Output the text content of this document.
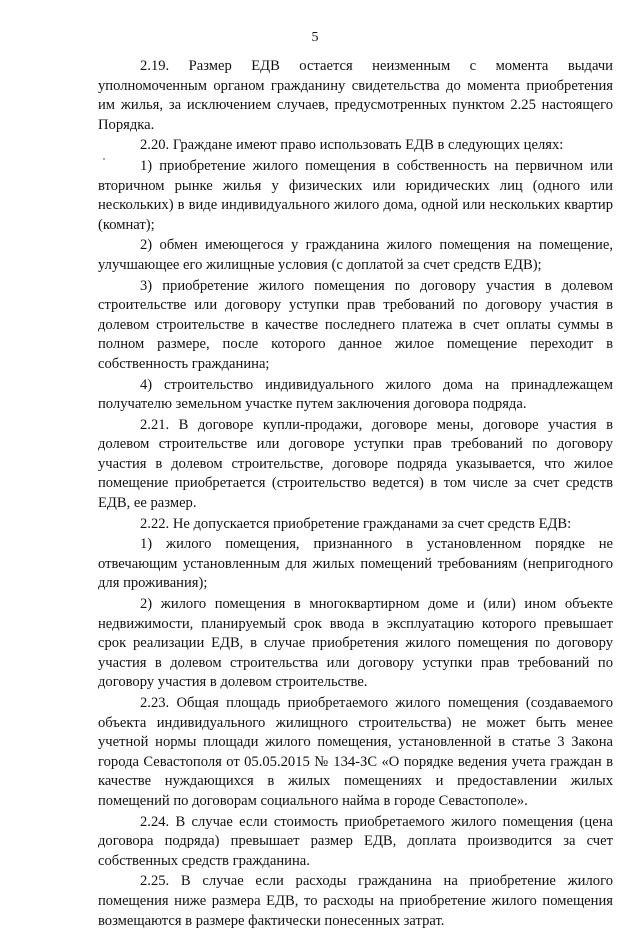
5

2.19. Размер ЕДВ остается неизменным с момента выдачи уполномоченным органом гражданину свидетельства до момента приобретения им жилья, за исключением случаев, предусмотренных пунктом 2.25 настоящего Порядка.

2.20. Граждане имеют право использовать ЕДВ в следующих целях:

1) приобретение жилого помещения в собственность на первичном или вторичном рынке жилья у физических или юридических лиц (одного или нескольких) в виде индивидуального жилого дома, одной или нескольких квартир (комнат);

2) обмен имеющегося у гражданина жилого помещения на помещение, улучшающее его жилищные условия (с доплатой за счет средств ЕДВ);

3) приобретение жилого помещения по договору участия в долевом строительстве или договору уступки прав требований по договору участия в долевом строительстве в качестве последнего платежа в счет оплаты суммы в полном размере, после которого данное жилое помещение переходит в собственность гражданина;

4) строительство индивидуального жилого дома на принадлежащем получателю земельном участке путем заключения договора подряда.

2.21. В договоре купли-продажи, договоре мены, договоре участия в долевом строительстве или договоре уступки прав требований по договору участия в долевом строительстве, договоре подряда указывается, что жилое помещение приобретается (строительство ведется) в том числе за счет средств ЕДВ, ее размер.

2.22. Не допускается приобретение гражданами за счет средств ЕДВ:

1) жилого помещения, признанного в установленном порядке не отвечающим установленным для жилых помещений требованиям (непригодного для проживания);

2) жилого помещения в многоквартирном доме и (или) ином объекте недвижимости, планируемый срок ввода в эксплуатацию которого превышает срок реализации ЕДВ, в случае приобретения жилого помещения по договору участия в долевом строительства или договору уступки прав требований по договору участия в долевом строительстве.

2.23. Общая площадь приобретаемого жилого помещения (создаваемого объекта индивидуального жилищного строительства) не может быть менее учетной нормы площади жилого помещения, установленной в статье 3 Закона города Севастополя от 05.05.2015 № 134-ЗС «О порядке ведения учета граждан в качестве нуждающихся в жилых помещениях и предоставлении жилых помещений по договорам социального найма в городе Севастополе».

2.24. В случае если стоимость приобретаемого жилого помещения (цена договора подряда) превышает размер ЕДВ, доплата производится за счет собственных средств гражданина.

2.25. В случае если расходы гражданина на приобретение жилого помещения ниже размера ЕДВ, то расходы на приобретение жилого помещения возмещаются в размере фактически понесенных затрат.
